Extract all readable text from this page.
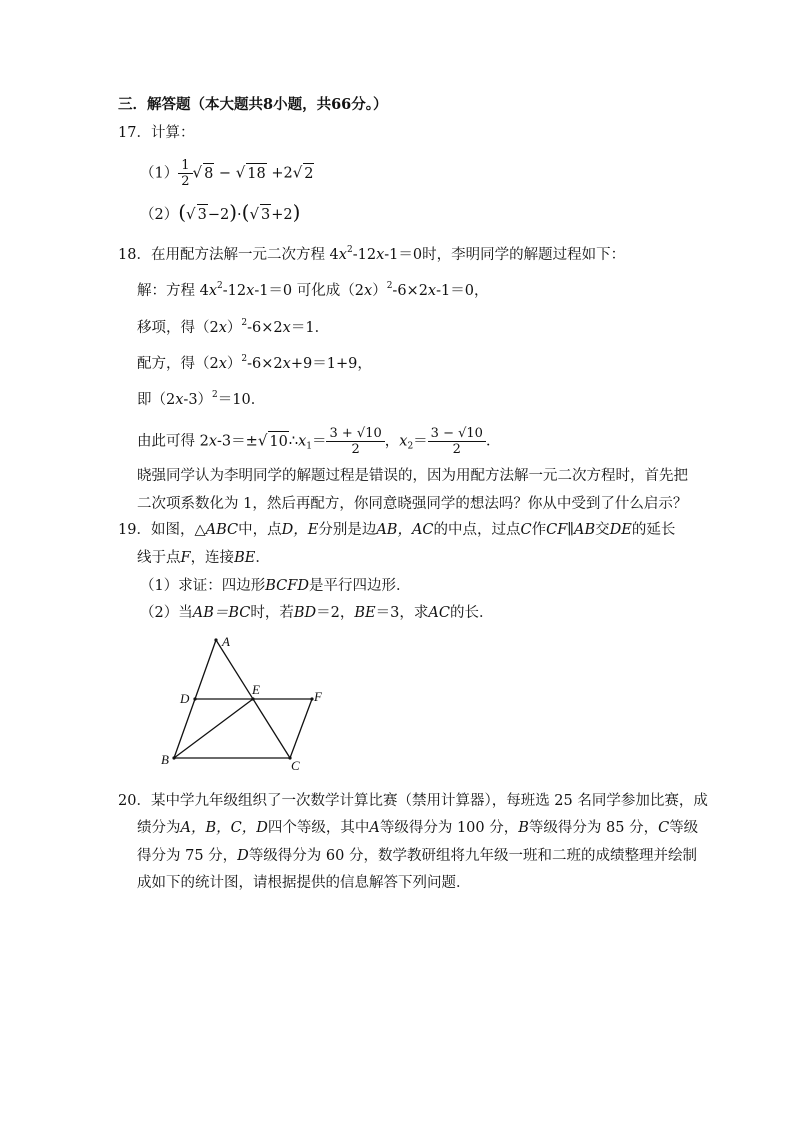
三．解答题（本大题共8小题，共66分。）
17．计算：
$(1) \frac{1}{2}$ √ 8 − √ 18 +2√ 2
（2）(√ 3−2)·(√ 3+2)
18．在用配方法解一元二次方程 $4x^2-12x-1=0$时，李明同学的解题过程如下：
解：方程 $4x^2-12x-1=0$ 可化成$(2x)^2-6\times 2x-1=0$，
移项，得$(2x)^2-6\times 2x=1$．
配方，得$(2x)^2-6\times 2x+9=1+9$，
即$(2x-3)^2=10$．
由此可得 2x-3＝±√ $10\therefore x_1= \frac{3 + √10}{2}$ ，$x_2= \frac{3 - √10}{2}$ ．
晓强同学认为李明同学的解题过程是错误的，因为用配方法解一元二次方程时，首先把
二次项系数化为 1，然后再配方，你同意晓强同学的想法吗？你从中受到了什么启示？
19．如图，△ABC中，点D，E分别是边AB，AC的中点，过点C作CF∥AB交DE的延长
线于点F，连接BE．
（1）求证：四边形BCFD是平行四边形．
（2）当AB＝BC时，若BD＝2，BE＝3，求AC的长．
A
B	C
D
E	F
20．某中学九年级组织了一次数学计算比赛（禁用计算器），每班选 25 名同学参加比赛，成
绩分为A，B，C，D四个等级，其中A等级得分为 100 分，B等级得分为 85 分，C等级
得分为 75 分，D等级得分为 60 分，数学教研组将九年级一班和二班的成绩整理并绘制
成如下的统计图，请根据提供的信息解答下列问题．
